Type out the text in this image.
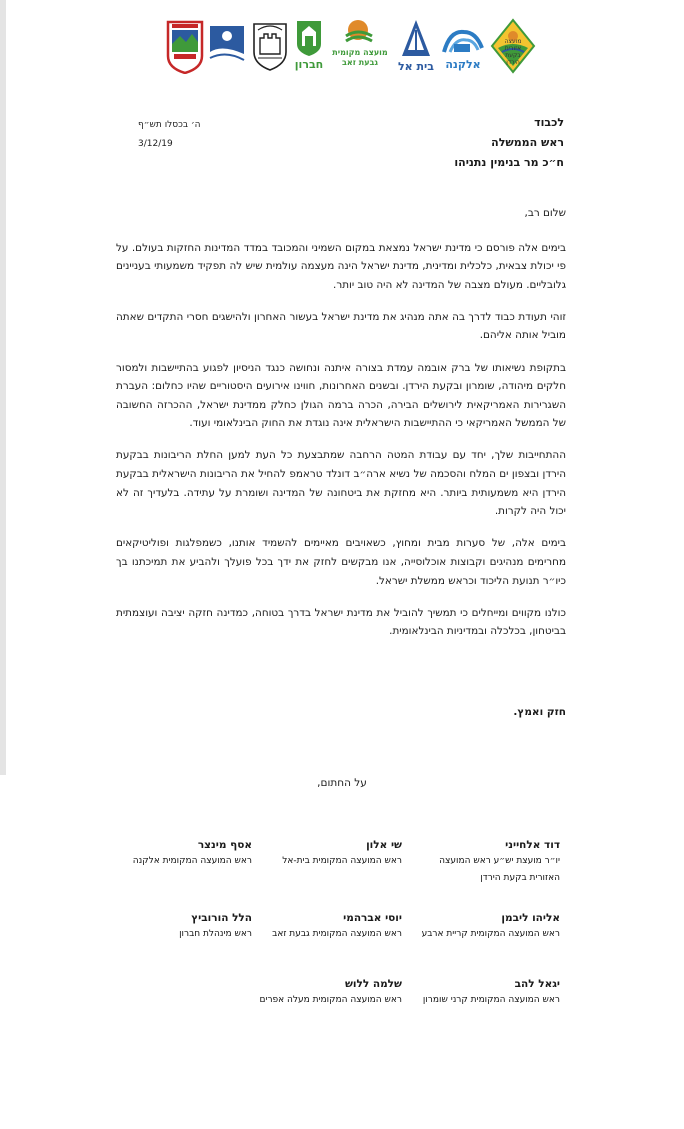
חברון
מועצה מקומית גבעת זאב	בית אל	אלקנה
מועצה אזורית בקעת הירדן
לכבוד
ראש הממשלה
ח״כ מר בנימין נתניהו
ה׳ בכסלו תש״ף
3/12/19

שלום רב,

בימים אלה פורסם כי מדינת ישראל נמצאת במקום השמיני והמכובד במדד המדינות החזקות בעולם. על פי יכולת צבאית, כלכלית ומדינית, מדינת ישראל הינה מעצמה עולמית שיש לה תפקיד משמעותי בעניינים גלובליים. מעולם מצבה של המדינה לא היה טוב יותר.

זוהי תעודת כבוד לדרך בה אתה מנהיג את מדינת ישראל בעשור האחרון ולהישגים חסרי התקדים שאתה מוביל אותה אליהם.

בתקופת נשיאותו של ברק אובמה עמדת בצורה איתנה ונחושה כנגד הניסיון לפגוע בהתיישבות ולמסור חלקים מיהודה, שומרון ובקעת הירדן. ובשנים האחרונות, חווינו אירועים היסטוריים שהיו כחלום: העברת השגרירות האמריקאית לירושלים הבירה, הכרה ברמה הגולן כחלק ממדינת ישראל, ההכרזה החשובה של הממשל האמריקאי כי ההתיישבות הישראלית אינה נוגדת את החוק הבינלאומי ועוד.

ההתחייבות שלך, יחד עם עבודת המטה הרחבה שמתבצעת כל העת למען החלת הריבונות בבקעת הירדן ובצפון ים המלח והסכמה של נשיא ארה״ב דונלד טראמפ להחיל את הריבונות הישראלית בבקעת הירדן היא משמעותית ביותר. היא מחזקת את ביטחונה של המדינה ושומרת על עתידה. בלעדיך זה לא יכול היה לקרות.

בימים אלה, של סערות מבית ומחוץ, כשאויבים מאיימים להשמיד אותנו, כשמפלגות ופוליטיקאים מחרימים מנהיגים וקבוצות אוכלוסייה, אנו מבקשים לחזק את ידך בכל פועלך ולהביע את תמיכתנו בך כיו״ר תנועת הליכוד וכראש ממשלת ישראל.

כולנו מקווים ומייחלים כי תמשיך להוביל את מדינת ישראל בדרך בטוחה, כמדינה חזקה יציבה ועוצמתית בביטחון, בכלכלה ובמדיניות הבינלאומית.

חזק ואמץ.
על החתום,
דוד אלחייני
יו״ר מועצת יש״ע ראש המועצה האזורית בקעת הירדן
שי אלון
ראש המועצה המקומית בית-אל
אסף מינצר
ראש המועצה המקומית אלקנה
אליהו ליבמן
ראש המועצה המקומית קריית ארבע
יוסי אברהמי
ראש המועצה המקומית גבעת זאב
הלל הורוביץ
ראש מינהלת חברון
יגאל להב
ראש המועצה המקומית קרני שומרון
שלמה ללוש
ראש המועצה המקומית מעלה אפרים
